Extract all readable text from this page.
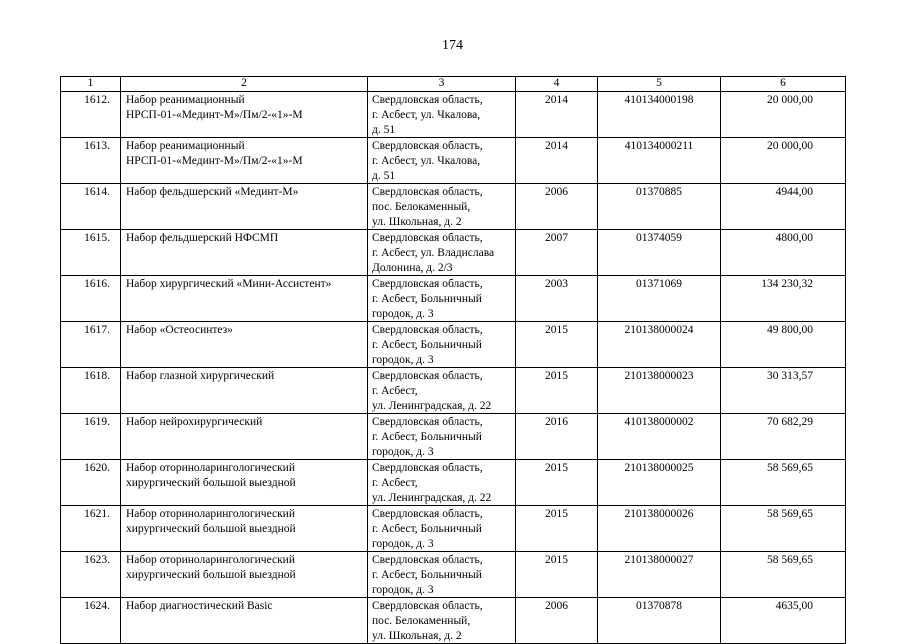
174
1	2	3	4	5	6

1612.	Набор реанимационный
НРСП-01-«Мединт-М»/Пм/2-«1»-М	Свердловская область,
г. Асбест, ул. Чкалова,
д. 51	2014	410134000198	20 000,00

1613.	Набор реанимационный
НРСП-01-«Мединт-М»/Пм/2-«1»-М	Свердловская область,
г. Асбест, ул. Чкалова,
д. 51	2014	410134000211	20 000,00

1614.	Набор фельдшерский «Мединт-М»	Свердловская область,
пос. Белокаменный,
ул. Школьная, д. 2	2006	01370885	4944,00

1615.	Набор фельдшерский НФСМП	Свердловская область,
г. Асбест, ул. Владислава
Долонина, д. 2/3	2007	01374059	4800,00

1616.	Набор хирургический «Мини-Ассистент»	Свердловская область,
г. Асбест, Больничный
городок, д. 3	2003	01371069	134 230,32

1617.	Набор «Остеосинтез»	Свердловская область,
г. Асбест, Больничный
городок, д. 3	2015	210138000024	49 800,00

1618.	Набор глазной хирургический	Свердловская область,
г. Асбест,
ул. Ленинградская, д. 22	2015	210138000023	30 313,57

1619.	Набор нейрохирургический	Свердловская область,
г. Асбест, Больничный
городок, д. 3	2016	410138000002	70 682,29

1620.	Набор оториноларингологический
хирургический большой выездной	Свердловская область,
г. Асбест,
ул. Ленинградская, д. 22	2015	210138000025	58 569,65

1621.	Набор оториноларингологический
хирургический большой выездной	Свердловская область,
г. Асбест, Больничный
городок, д. 3	2015	210138000026	58 569,65

1623.	Набор оториноларингологический
хирургический большой выездной	Свердловская область,
г. Асбест, Больничный
городок, д. 3	2015	210138000027	58 569,65

1624.	Набор диагностический Basic	Свердловская область,
пос. Белокаменный,
ул. Школьная, д. 2	2006	01370878	4635,00
